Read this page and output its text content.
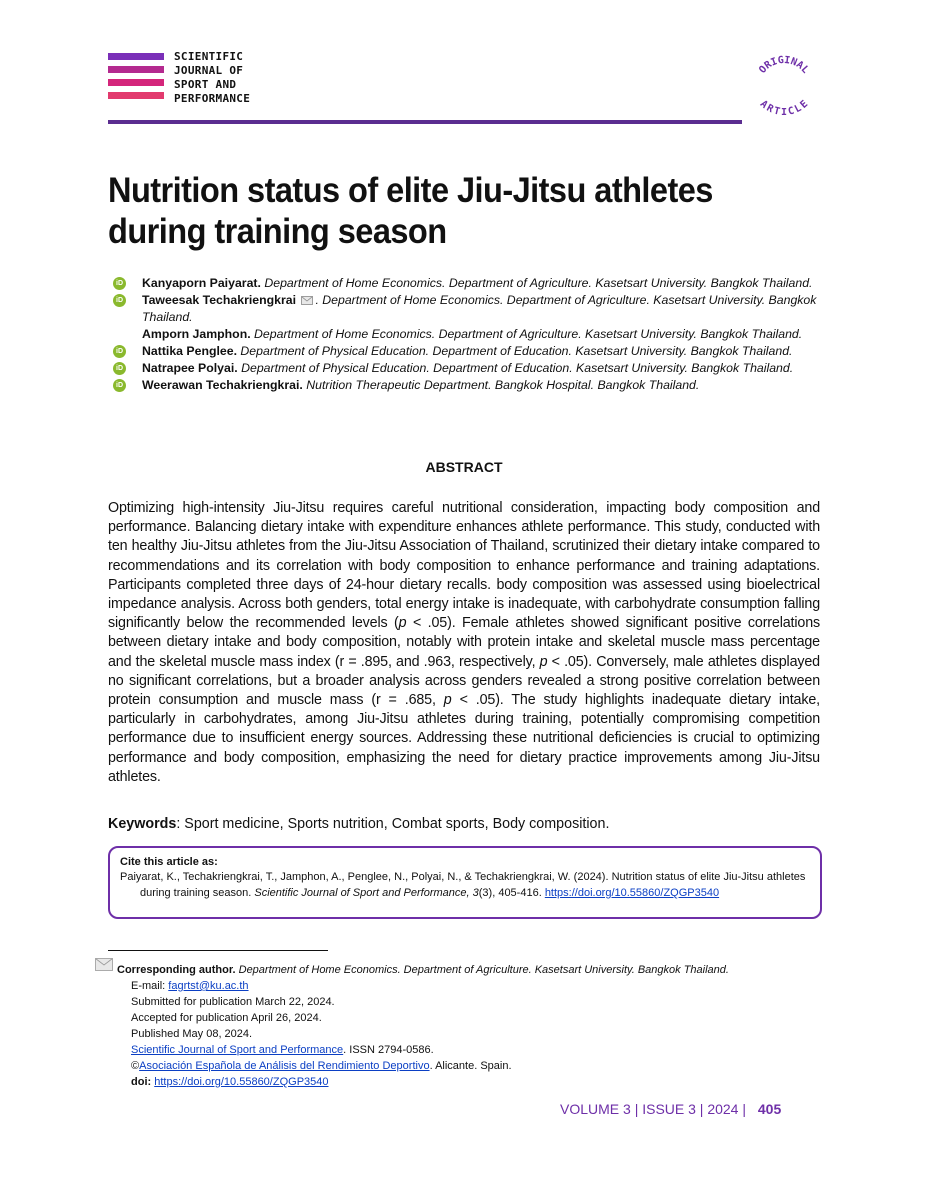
SCIENTIFIC
JOURNAL OF
SPORT AND
PERFORMANCE
ORIGINAL
ARTICLE
Nutrition status of elite Jiu-Jitsu athletes during training season
iD Kanyaporn Paiyarat. Department of Home Economics. Department of Agriculture. Kasetsart University. Bangkok Thailand.
iD Taweesak Techakriengkrai . Department of Home Economics. Department of Agriculture. Kasetsart University. Bangkok Thailand.
Amporn Jamphon. Department of Home Economics. Department of Agriculture. Kasetsart University. Bangkok Thailand.
iD Nattika Penglee. Department of Physical Education. Department of Education. Kasetsart University. Bangkok Thailand.
iD Natrapee Polyai. Department of Physical Education. Department of Education. Kasetsart University. Bangkok Thailand.
iD Weerawan Techakriengkrai. Nutrition Therapeutic Department. Bangkok Hospital. Bangkok Thailand.
ABSTRACT
Optimizing high-intensity Jiu-Jitsu requires careful nutritional consideration, impacting body composition and performance. Balancing dietary intake with expenditure enhances athlete performance. This study, conducted with ten healthy Jiu-Jitsu athletes from the Jiu-Jitsu Association of Thailand, scrutinized their dietary intake compared to recommendations and its correlation with body composition to enhance performance and training adaptations. Participants completed three days of 24-hour dietary recalls. body composition was assessed using bioelectrical impedance analysis. Across both genders, total energy intake is inadequate, with carbohydrate consumption falling significantly below the recommended levels (p < .05). Female athletes showed significant positive correlations between dietary intake and body composition, notably with protein intake and skeletal muscle mass percentage and the skeletal muscle mass index (r = .895, and .963, respectively, p < .05). Conversely, male athletes displayed no significant correlations, but a broader analysis across genders revealed a strong positive correlation between protein consumption and muscle mass (r = .685, p < .05). The study highlights inadequate dietary intake, particularly in carbohydrates, among Jiu-Jitsu athletes during training, potentially compromising competition performance due to insufficient energy sources. Addressing these nutritional deficiencies is crucial to optimizing performance and body composition, emphasizing the need for dietary practice improvements among Jiu-Jitsu athletes.
Keywords: Sport medicine, Sports nutrition, Combat sports, Body composition.
Cite this article as:
Paiyarat, K., Techakriengkrai, T., Jamphon, A., Penglee, N., Polyai, N., & Techakriengkrai, W. (2024). Nutrition status of elite Jiu-Jitsu athletes
during training season. Scientific Journal of Sport and Performance, 3(3), 405-416. https://doi.org/10.55860/ZQGP3540
Corresponding author. Department of Home Economics. Department of Agriculture. Kasetsart University. Bangkok Thailand.
E-mail: fagrtst@ku.ac.th
Submitted for publication March 22, 2024.
Accepted for publication April 26, 2024.
Published May 08, 2024.
Scientific Journal of Sport and Performance. ISSN 2794-0586.
©Asociación Española de Análisis del Rendimiento Deportivo. Alicante. Spain.
doi: https://doi.org/10.55860/ZQGP3540
VOLUME 3 | ISSUE 3 | 2024 | 405
